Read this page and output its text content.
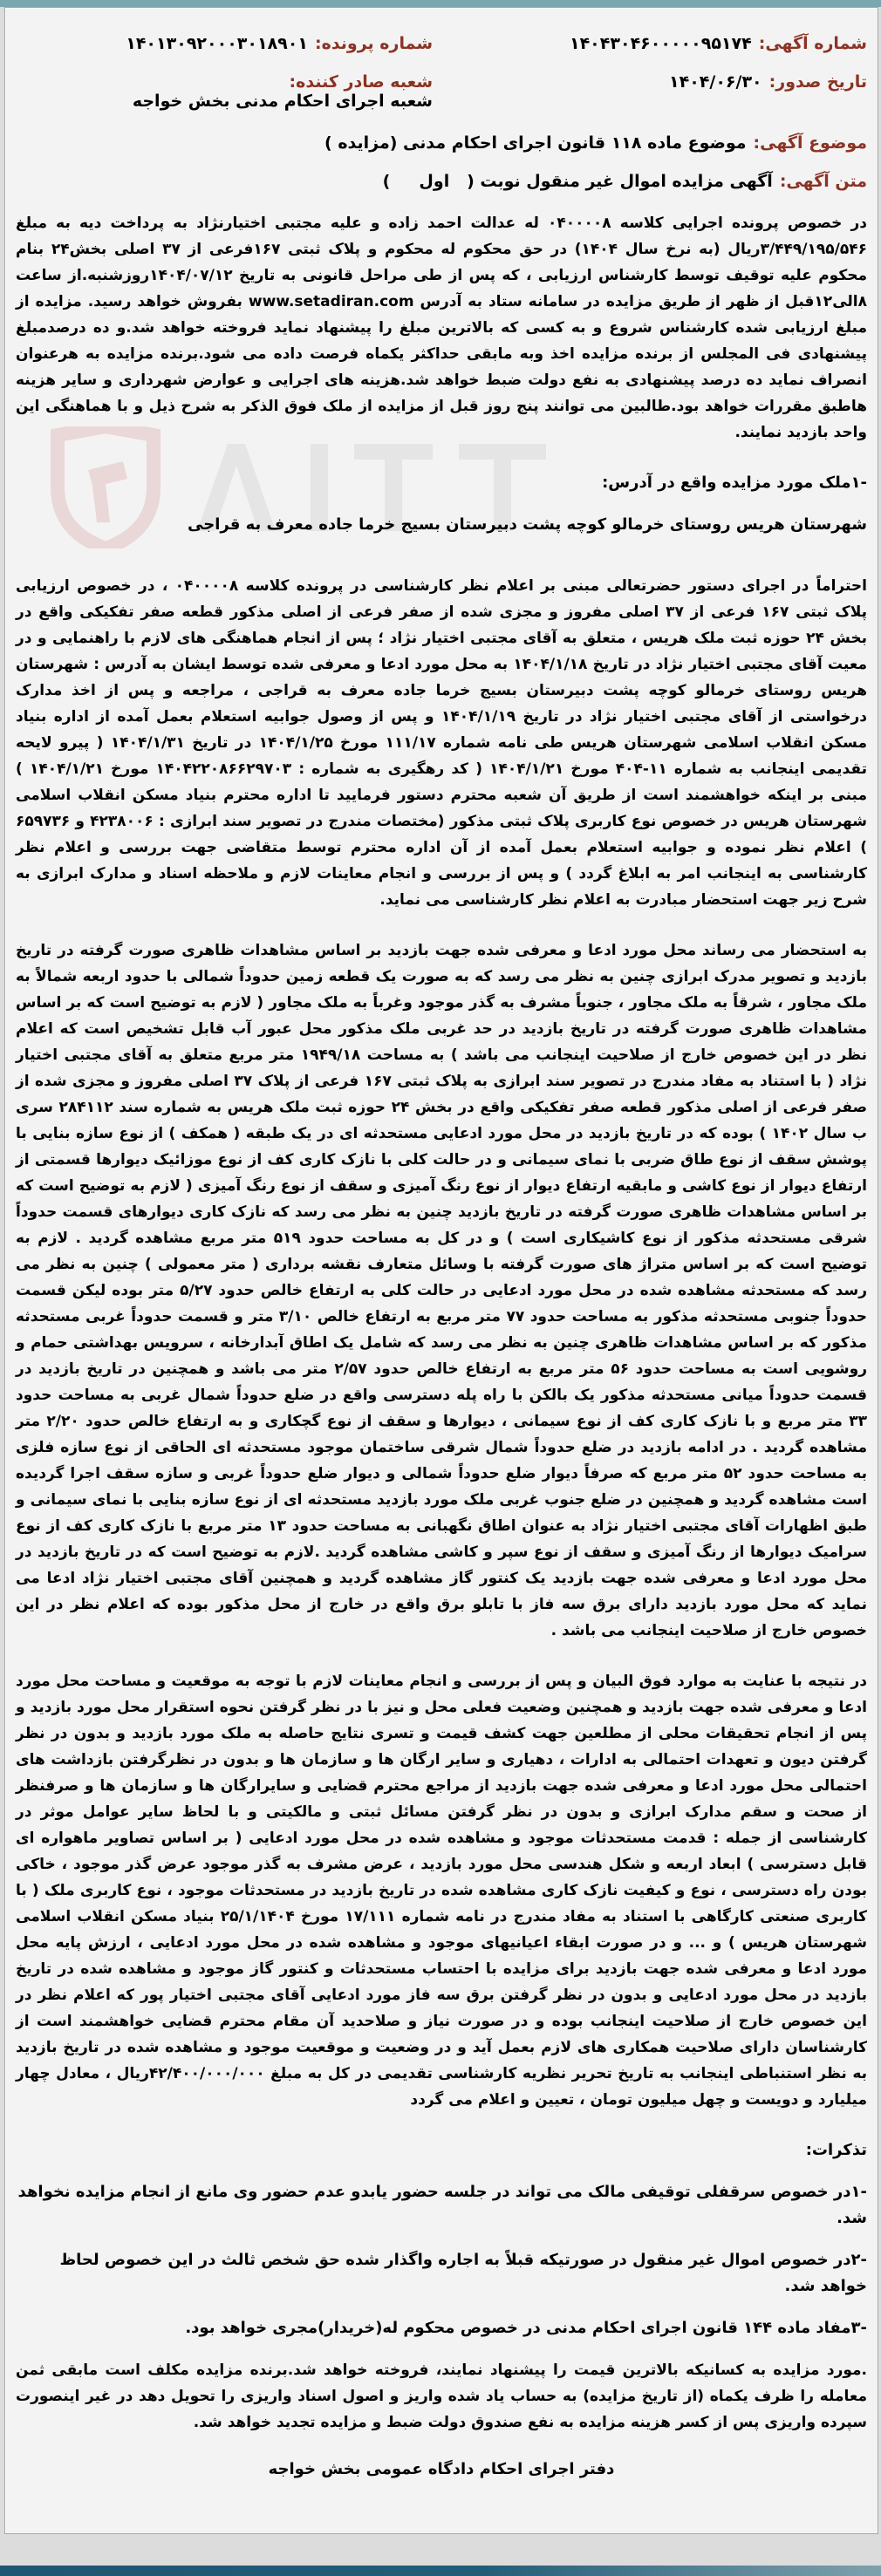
شماره آگهی:
۱۴۰۴۳۰۴۶۰۰۰۰۰۹۵۱۷۴
شماره پرونده:
۱۴۰۱۳۰۹۲۰۰۰۳۰۱۸۹۰۱
تاریخ صدور:
۱۴۰۴/۰۶/۳۰
شعبه صادر کننده:
شعبه اجرای احکام مدنی بخش خواجه
موضوع آگهی:
موضوع ماده ۱۱۸ قانون اجرای احکام مدنی (مزایده )
متن آگهی:
آگهی مزایده اموال غیر منقول نوبت (   اول     )
در خصوص پرونده اجرایی کلاسه ۰۴۰۰۰۰۸ له عدالت احمد زاده و علیه مجتبی اختیارنژاد به پرداخت دیه به مبلغ ۳/۴۴۹/۱۹۵/۵۴۶ریال (به نرخ سال ۱۴۰۴) در حق محکوم له محکوم و پلاک ثبتی ۱۶۷فرعی از ۳۷ اصلی بخش۲۴ بنام محکوم علیه توقیف توسط کارشناس ارزیابی ، که پس از طی مراحل قانونی به تاریخ ۱۴۰۴/۰۷/۱۲روزشنبه.از ساعت ۸الی۱۲قبل از ظهر از طریق مزایده در سامانه ستاد به آدرس www.setadiran.com بفروش خواهد رسید. مزایده از مبلغ ارزیابی شده کارشناس شروع و به کسی که بالاترین مبلغ را پیشنهاد نماید فروخته خواهد شد.و ده درصدمبلغ پیشنهادی فی المجلس از برنده مزایده اخذ وبه مابقی حداکثر یکماه فرصت داده می شود.برنده مزایده به هرعنوان انصراف نماید ده درصد پیشنهادی به نفع دولت ضبط خواهد شد.هزینه های اجرایی و عوارض شهرداری و سایر هزینه هاطبق مقررات خواهد بود.طالبین می توانند پنج روز قبل از مزایده از ملک فوق الذکر به شرح ذیل و با هماهنگی این واحد بازدید نمایند.
-۱ملک مورد مزایده واقع در آدرس:
شهرستان هریس روستای خرمالو کوچه پشت دبیرستان بسیج خرما جاده معرف به قراجی
احتراماً در اجرای دستور حضرتعالی مبنی بر اعلام نظر کارشناسی در پرونده کلاسه ۰۴۰۰۰۰۸ ، در خصوص ارزیابی پلاک ثبتی ۱۶۷ فرعی از ۳۷ اصلی مفروز و مجزی شده از صفر فرعی از اصلی مذکور قطعه صفر تفکیکی واقع در بخش ۲۴ حوزه ثبت ملک هریس ، متعلق به آقای مجتبی اختیار نژاد ؛ پس از انجام هماهنگی های لازم با راهنمایی و در معیت آقای مجتبی اختیار نژاد در تاریخ ۱۴۰۴/۱/۱۸ به محل مورد ادعا و معرفی شده توسط ایشان به آدرس : شهرستان هریس روستای خرمالو کوچه پشت دبیرستان بسیج خرما جاده معرف به قراجی ، مراجعه و پس از اخذ مدارک درخواستی از آقای مجتبی اختیار نژاد در تاریخ ۱۴۰۴/۱/۱۹ و پس از وصول جوابیه استعلام بعمل آمده از اداره بنیاد مسکن انقلاب اسلامی شهرستان هریس طی نامه شماره ۱۱۱/۱۷ مورخ ۱۴۰۴/۱/۲۵ در تاریخ ۱۴۰۴/۱/۳۱ ( پیرو لایحه تقدیمی اینجانب به شماره ۱۱-۴۰۴ مورخ ۱۴۰۴/۱/۲۱ ( کد رهگیری به شماره : ۱۴۰۴۲۲۰۸۶۶۲۹۷۰۳ مورخ ۱۴۰۴/۱/۲۱ ) مبنی بر اینکه خواهشمند است از طریق آن شعبه محترم دستور فرمایید تا اداره محترم بنیاد مسکن انقلاب اسلامی شهرستان هریس در خصوص نوع کاربری پلاک ثبتی مذکور (مختصات مندرج در تصویر سند ابرازی : ۴۲۳۸۰۰۶ و ۶۵۹۷۳۶ ) اعلام نظر نموده و جوابیه استعلام بعمل آمده از آن اداره محترم توسط متقاضی جهت بررسی و اعلام نظر کارشناسی به اینجانب امر به ابلاغ گردد ) و پس از بررسی و انجام معاینات لازم و ملاحظه اسناد و مدارک ابرازی به شرح زیر جهت استحضار مبادرت به اعلام نظر کارشناسی می نماید.
به استحضار می رساند محل مورد ادعا و معرفی شده جهت بازدید بر اساس مشاهدات ظاهری صورت گرفته در تاریخ بازدید و تصویر مدرک ابرازی چنین به نظر می رسد که به صورت یک قطعه زمین حدوداً شمالی با حدود اربعه شمالاً به ملک مجاور ، شرقاً به ملک مجاور ، جنوباً مشرف به گذر موجود وغرباً به ملک مجاور ( لازم به توضیح است که بر اساس مشاهدات ظاهری صورت گرفته در تاریخ بازدید در حد غربی ملک مذکور محل عبور آب قابل تشخیص است که اعلام نظر در این خصوص خارج از صلاحیت اینجانب می باشد ) به مساحت ۱۹۴۹/۱۸ متر مربع متعلق به آقای مجتبی اختیار نژاد ( با استناد به مفاد مندرج در تصویر سند ابرازی به پلاک ثبتی ۱۶۷ فرعی از پلاک ۳۷ اصلی مفروز و مجزی شده از صفر فرعی از اصلی مذکور قطعه صفر تفکیکی واقع در بخش ۲۴ حوزه ثبت ملک هریس به شماره سند ۲۸۴۱۱۲ سری ب سال ۱۴۰۲ ) بوده که در تاریخ بازدید در محل مورد ادعایی مستحدثه ای در یک طبقه ( همکف ) از نوع سازه بنایی با پوشش سقف از نوع طاق ضربی با نمای سیمانی و در حالت کلی با نازک کاری کف از نوع موزائیک دیوارها قسمتی از ارتفاع دیوار از نوع کاشی و مابقیه ارتفاع دیوار از نوع رنگ آمیزی و سقف از نوع رنگ آمیزی ( لازم به توضیح است که بر اساس مشاهدات ظاهری صورت گرفته در تاریخ بازدید چنین به نظر می رسد که نازک کاری دیوارهای قسمت حدوداً شرقی مستحدثه مذکور از نوع کاشیکاری است ) و در کل به مساحت حدود ۵۱۹ متر مربع مشاهده گردید . لازم به توضیح است که بر اساس متراژ های صورت گرفته با وسائل متعارف نقشه برداری ( متر معمولی ) چنین به نظر می رسد که مستحدثه مشاهده شده در محل مورد ادعایی در حالت کلی به ارتفاع خالص حدود ۵/۲۷ متر بوده لیکن قسمت حدوداً جنوبی مستحدثه مذکور به مساحت حدود ۷۷ متر مربع به ارتفاع خالص ۳/۱۰ متر و قسمت حدوداً غربی مستحدثه مذکور که بر اساس مشاهدات ظاهری چنین به نظر می رسد که شامل یک اطاق آبدارخانه ، سرویس بهداشتی حمام و روشویی است به مساحت حدود ۵۶ متر مربع به ارتفاع خالص حدود ۲/۵۷ متر می باشد و همچنین در تاریخ بازدید در قسمت حدوداً میانی مستحدثه مذکور یک بالکن با راه پله دسترسی واقع در ضلع حدوداً شمال غربی به مساحت حدود ۳۳ متر مربع و با نازک کاری کف از نوع سیمانی ، دیوارها و سقف از نوع گچکاری و به ارتفاع خالص حدود ۲/۲۰ متر مشاهده گردید . در ادامه بازدید در ضلع حدوداً شمال شرقی ساختمان موجود مستحدثه ای الحاقی از نوع سازه فلزی به مساحت حدود ۵۲ متر مربع که صرفاً دیوار ضلع حدوداً شمالی و دیوار ضلع حدوداً غربی و سازه سقف اجرا گردیده است مشاهده گردید و همچنین در ضلع جنوب غربی ملک مورد بازدید مستحدثه ای از نوع سازه بنایی با نمای سیمانی و طبق اظهارات آقای مجتبی اختیار نژاد به عنوان اطاق نگهبانی به مساحت حدود ۱۳ متر مربع با نازک کاری کف از نوع سرامیک دیوارها از رنگ آمیزی و سقف از نوع سپر و کاشی مشاهده گردید .لازم به توضیح است که در تاریخ بازدید در محل مورد ادعا و معرفی شده جهت بازدید یک کنتور گاز مشاهده گردید و همچنین آقای مجتبی اختیار نژاد ادعا می نماید که محل مورد بازدید دارای برق سه فاز با تابلو برق واقع در خارج از محل مذکور بوده که اعلام نظر در این خصوص خارج از صلاحیت اینجانب می باشد .
در نتیجه با عنایت به موارد فوق البیان و پس از بررسی و انجام معاینات لازم با توجه به موقعیت و مساحت محل مورد ادعا و معرفی شده جهت بازدید و همچنین وضعیت فعلی محل و نیز با در نظر گرفتن نحوه استقرار محل مورد بازدید و پس از انجام تحقیقات محلی از مطلعین جهت کشف قیمت و تسری نتایج حاصله به ملک مورد بازدید و بدون در نظر گرفتن دیون و تعهدات احتمالی به ادارات ، دهیاری و سایر ارگان ها و سازمان ها و بدون در نظرگرفتن بازداشت های احتمالی محل مورد ادعا و معرفی شده جهت بازدید از مراجع محترم قضایی و سایرارگان ها و سازمان ها و صرفنظر از صحت و سقم مدارک ابرازی و بدون در نظر گرفتن مسائل ثبتی و مالکیتی و با لحاظ سایر عوامل موثر در کارشناسی از جمله : قدمت مستحدثات موجود و مشاهده شده در محل مورد ادعایی ( بر اساس تصاویر ماهواره ای قابل دسترسی ) ابعاد اربعه و شکل هندسی محل مورد بازدید ، عرض مشرف به گذر موجود عرض گذر موجود ، خاکی بودن راه دسترسی ، نوع و کیفیت نازک کاری مشاهده شده در تاریخ بازدید در مستحدثات موجود ، نوع کاربری ملک ( با کاربری صنعتی کارگاهی با استناد به مفاد مندرج در نامه شماره ۱۷/۱۱۱ مورخ ۲۵/۱/۱۴۰۴ بنیاد مسکن انقلاب اسلامی شهرستان هریس ) و ... و در صورت ابقاء اعیانیهای موجود و مشاهده شده در محل مورد ادعایی ، ارزش پایه محل مورد ادعا و معرفی شده جهت بازدید برای مزایده با احتساب مستحدثات و کنتور گاز موجود و مشاهده شده در تاریخ بازدید در محل مورد ادعایی و بدون در نظر گرفتن برق سه فاز مورد ادعایی آقای مجتبی اختیار پور که اعلام نظر در این خصوص خارج از صلاحیت اینجانب بوده و در صورت نیاز و صلاحدید آن مقام محترم قضایی خواهشمند است از کارشناسان دارای صلاحیت همکاری های لازم بعمل آید و در وضعیت و موقعیت موجود و مشاهده شده در تاریخ بازدید به نظر استنباطی اینجانب به تاریخ تحریر نظریه کارشناسی تقدیمی در کل به مبلغ ۴۲/۴۰۰/۰۰۰/۰۰۰ریال ، معادل چهار میلیارد و دویست و چهل میلیون تومان ، تعیین و اعلام می گردد
تذکرات:
-۱در خصوص سرقفلی توقیفی مالک می تواند در جلسه حضور یابدو عدم حضور وی مانع از انجام مزایده نخواهد شد.
-۲در خصوص اموال غیر منقول در صورتیکه قبلاً به اجاره واگذار شده حق شخص ثالث در این خصوص لحاظ خواهد شد.
-۳مفاد ماده ۱۴۴ قانون اجرای احکام مدنی در خصوص محکوم له(خریدار)مجری خواهد بود.
.مورد مزایده به کسانیکه بالاترین قیمت را پیشنهاد نمایند، فروخته خواهد شد.برنده مزایده مکلف است مابقی ثمن معامله را ظرف یکماه (از تاریخ مزایده) به حساب یاد شده واریز و اصول اسناد واریزی را تحویل دهد در غیر اینصورت سپرده واریزی پس از کسر هزینه مزایده به نفع صندوق دولت ضبط و مزایده تجدید خواهد شد.
دفتر اجرای احکام دادگاه عمومی بخش خواجه
